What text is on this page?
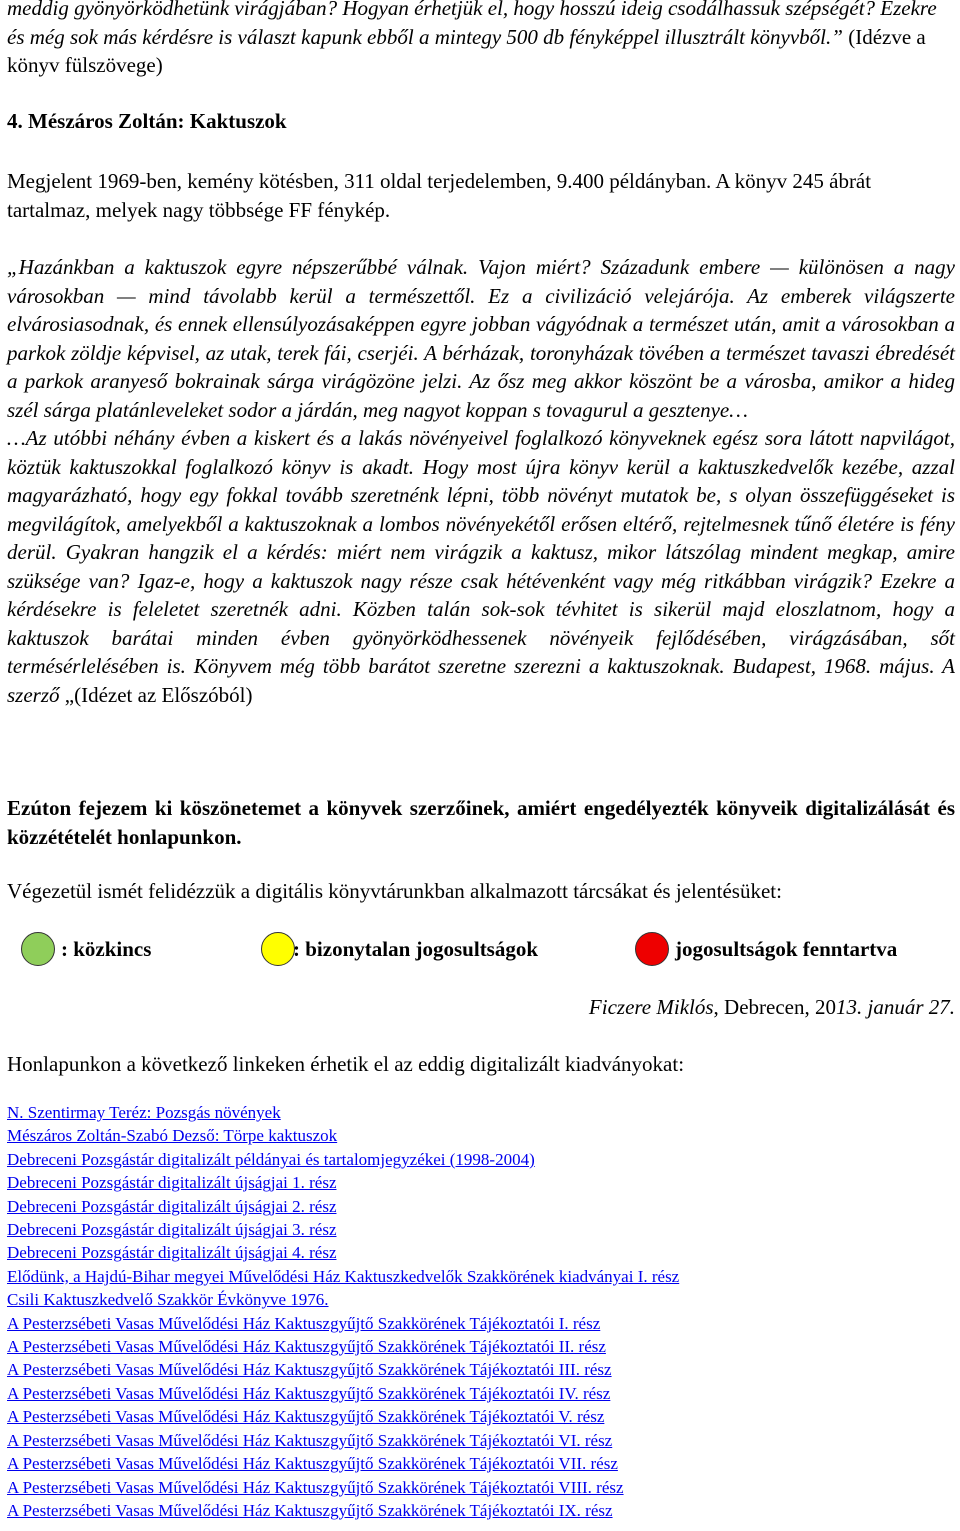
meddig gyönyörködhetünk virágjában? Hogyan érhetjük el, hogy hosszú ideig csodálhassuk szépségét? Ezekre és még sok más kérdésre is választ kapunk ebből a mintegy 500 db fényképpel illusztrált könyvből.” (Idézve a könyv fülszövege)

4. Mészáros Zoltán: Kaktuszok

Megjelent 1969-ben, kemény kötésben, 311 oldal terjedelemben, 9.400 példányban. A könyv 245 ábrát tartalmaz, melyek nagy többsége FF fénykép.

„Hazánkban a kaktuszok egyre népszerűbbé válnak. Vajon miért? Századunk embere — különösen a nagy városokban — mind távolabb kerül a természettől. Ez a civilizáció velejárója. Az emberek világszerte elvárosiasodnak, és ennek ellensúlyozásaképpen egyre jobban vágyódnak a természet után, amit a városokban a parkok zöldje képvisel, az utak, terek fái, cserjéi. A bérházak, toronyházak tövében a természet tavaszi ébredését a parkok aranyeső bokrainak sárga virágözöne jelzi. Az ősz meg akkor köszönt be a városba, amikor a hideg szél sárga platánleveleket sodor a járdán, meg nagyot koppan s tovagurul a gesztenye…

…Az utóbbi néhány évben a kiskert és a lakás növényeivel foglalkozó könyveknek egész sora látott napvilágot, köztük kaktuszokkal foglalkozó könyv is akadt. Hogy most újra könyv kerül a kaktuszkedvelők kezébe, azzal magyarázható, hogy egy fokkal tovább szeretnénk lépni, több növényt mutatok be, s olyan összefüggéseket is megvilágítok, amelyekből a kaktuszoknak a lombos növényekétől erősen eltérő, rejtelmesnek tűnő életére is fény derül. Gyakran hangzik el a kérdés: miért nem virágzik a kaktusz, mikor látszólag mindent megkap, amire szüksége van? Igaz-e, hogy a kaktuszok nagy része csak hétévenként vagy még ritkábban virágzik? Ezekre a kérdésekre is feleletet szeretnék adni. Közben talán sok-sok tévhitet is sikerül majd eloszlatnom, hogy a kaktuszok barátai minden évben gyönyörködhessenek növényeik fejlődésében, virágzásában, sőt termésérlelésében is. Könyvem még több barátot szeretne szerezni a kaktuszoknak. Budapest, 1968. május. A szerző „(Idézet az Előszóból)

Ezúton fejezem ki köszönetemet a könyvek szerzőinek, amiért engedélyezték könyveik digitalizálását és közzétételét honlapunkon.

Végezetül ismét felidézzük a digitális könyvtárunkban alkalmazott tárcsákat és jelentésüket:

: közkincs	: bizonytalan jogosultságok	jogosultságok fenntartva

Ficzere Miklós, Debrecen, 2013. január 27.

Honlapunkon a következő linkeken érhetik el az eddig digitalizált kiadványokat:

N. Szentirmay Teréz: Pozsgás növények
Mészáros Zoltán-Szabó Dezső: Törpe kaktuszok
Debreceni Pozsgástár digitalizált példányai és tartalomjegyzékei (1998-2004)
Debreceni Pozsgástár digitalizált újságjai 1. rész
Debreceni Pozsgástár digitalizált újságjai 2. rész
Debreceni Pozsgástár digitalizált újságjai 3. rész
Debreceni Pozsgástár digitalizált újságjai 4. rész
Elődünk, a Hajdú-Bihar megyei Művelődési Ház Kaktuszkedvelők Szakkörének kiadványai I. rész
Csili Kaktuszkedvelő Szakkör Évkönyve 1976.
A Pesterzsébeti Vasas Művelődési Ház Kaktuszgyűjtő Szakkörének Tájékoztatói I. rész
A Pesterzsébeti Vasas Művelődési Ház Kaktuszgyűjtő Szakkörének Tájékoztatói II. rész
A Pesterzsébeti Vasas Művelődési Ház Kaktuszgyűjtő Szakkörének Tájékoztatói III. rész
A Pesterzsébeti Vasas Művelődési Ház Kaktuszgyűjtő Szakkörének Tájékoztatói IV. rész
A Pesterzsébeti Vasas Művelődési Ház Kaktuszgyűjtő Szakkörének Tájékoztatói V. rész
A Pesterzsébeti Vasas Művelődési Ház Kaktuszgyűjtő Szakkörének Tájékoztatói VI. rész
A Pesterzsébeti Vasas Művelődési Ház Kaktuszgyűjtő Szakkörének Tájékoztatói VII. rész
A Pesterzsébeti Vasas Művelődési Ház Kaktuszgyűjtő Szakkörének Tájékoztatói VIII. rész
A Pesterzsébeti Vasas Művelődési Ház Kaktuszgyűjtő Szakkörének Tájékoztatói IX. rész
